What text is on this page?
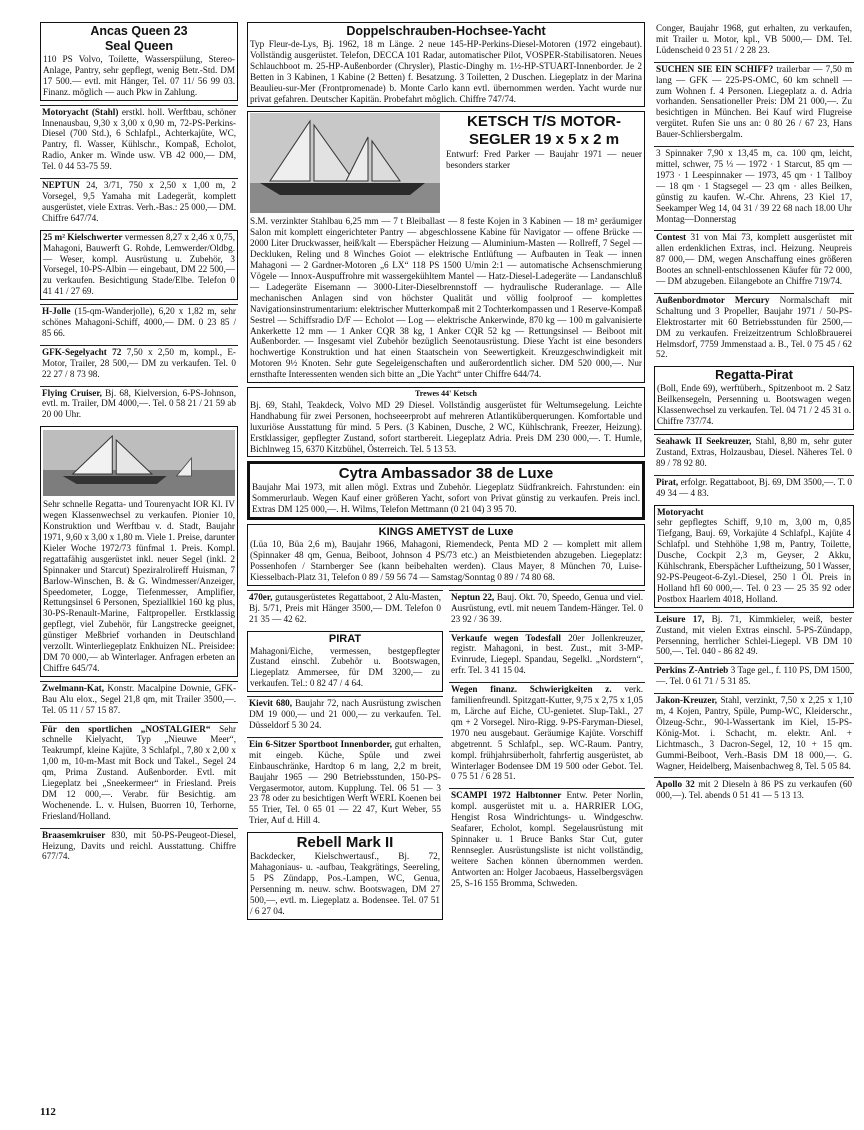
Ancas Queen 23
Seal Queen

110 PS Volvo, Toilette, Wasserspülung, Stereo-Anlage, Pantry, sehr gepflegt, wenig Betr.-Std. DM 17 500.— evtl. mit Hänger, Tel. 07 11/ 56 99 03. Finanz. möglich — auch Pkw in Zahlung.

Motoryacht (Stahl) erstkl. holl. Werftbau, schöner Innenausbau, 9,30 x 3,00 x 0,90 m, 72-PS-Perkins-Diesel (700 Std.), 6 Schlafpl., Achterkajüte, WC, Pantry, fl. Wasser, Kühlschr., Kompaß, Echolot, Radio, Anker m. Winde usw. VB 42 000,— DM, Tel. 0 44 53-75 59.

NEPTUN 24, 3/71, 750 x 2,50 x 1,00 m, 2 Vorsegel, 9,5 Yamaha mit Ladegerät, komplett ausgerüstet, viele Extras. Verh.-Bas.: 25 000,— DM. Chiffre 647/74.

25 m² Kielschwerter vermessen 8,27 x 2,46 x 0,75, Mahagoni, Bauwerft G. Rohde, Lemwerder/Oldbg. — Weser, kompl. Ausrüstung u. Zubehör, 3 Vorsegel, 10-PS-Albin — eingebaut, DM 22 500,— zu verkaufen. Besichtigung Stade/Elbe. Telefon 0 41 41 / 27 69.

H-Jolle (15-qm-Wanderjolle), 6,20 x 1,82 m, sehr schönes Mahagoni-Schiff, 4000,— DM. 0 23 85 / 85 66.

GFK-Segelyacht 72 7,50 x 2,50 m, kompl., E-Motor, Trailer, 28 500,— DM zu verkaufen. Tel. 0 22 27 / 8 73 98.

Flying Cruiser, Bj. 68, Kielversion, 6-PS-Johnson, evtl. m. Trailer, DM 4000,—. Tel. 0 58 21 / 21 59 ab 20 00 Uhr.

Sehr schnelle Regatta- und Tourenyacht IOR Kl. IV wegen Klassenwechsel zu verkaufen. Pionier 10, Konstruktion und Werftbau v. d. Stadt, Baujahr 1971, 9,60 x 3,00 x 1,80 m. Viele 1. Preise, darunter Kieler Woche 1972/73 fünfmal 1. Preis. Kompl. regattafähig ausgerüstet inkl. neuer Segel (inkl. 2 Spinnaker und Starcut) Speziralrolireff Huisman, 7 Barlow-Winschen, B. & G. Windmesser/Anzeiger, Speedometer, Logge, Tiefenmesser, Amplifier, Rettungsinsel 6 Personen, Speziallkiel 160 kg plus, 30-PS-Renault-Marine, Faltpropeller. Erstklassig gepflegt, viel Zubehör, für Langstrecke geeignet, günstiger Meßbrief vorhanden in Deutschland verzollt. Winterliegeplatz Enkhuizen NL. Preisidee: DM 70 000,— ab Winterlager. Anfragen erbeten an Chiffre 645/74.

Zwelmann-Kat, Konstr. Macalpine Downie, GFK-Bau Alu elox., Segel 21,8 qm, mit Trailer 3500,—. Tel. 05 11 / 57 15 87.

Für den sportlichen „NOSTALGIER“ Sehr schnelle Kielyacht, Typ „Nieuwe Meer“, Teakrumpf, kleine Kajüte, 3 Schlafpl., 7,80 x 2,00 x 1,00 m, 10-m-Mast mit Bock und Takel., Segel 24 qm, Prima Zustand. Außenborder. Evtl. mit Liegeplatz bei „Sneekermeer“ in Friesland. Preis DM 12 000,—. Verabr. für Besichtig. am Wochenende. L. v. Hulsen, Buorren 10, Terhorne, Friesland/Holland.

Braasemkruiser 830, mit 50-PS-Peugeot-Diesel, Heizung, Davits und reichl. Ausstattung. Chiffre 677/74.

Doppelschrauben-Hochsee-Yacht

Typ Fleur-de-Lys, Bj. 1962, 18 m Länge. 2 neue 145-HP-Perkins-Diesel-Motoren (1972 eingebaut). Vollständig ausgerüstet. Telefon, DECCA 101 Radar, automatischer Pilot, VOSPER-Stabilisatoren. Neues Schlauchboot m. 25-HP-Außenborder (Chrysler), Plastic-Dinghy m. 1½-HP-STUART-Innenborder. Je 2 Betten in 3 Kabinen, 1 Kabine (2 Betten) f. Besatzung. 3 Toiletten, 2 Duschen. Liegeplatz in der Marina Beaulieu-sur-Mer (Frontpromenade) b. Monte Carlo kann evtl. übernommen werden. Yacht wurde nur privat gefahren. Deutscher Kapitän. Probefahrt möglich. Chiffre 747/74.

KETSCH T/S MOTOR-SEGLER 19 x 5 x 2 m

Entwurf: Fred Parker — Baujahr 1971 — neuer besonders starker

S.M. verzinkter Stahlbau 6,25 mm — 7 t Bleiballast — 8 feste Kojen in 3 Kabinen — 18 m² geräumiger Salon mit komplett eingerichteter Pantry — abgeschlossene Kabine für Navigator — offene Brücke — 2000 Liter Druckwasser, heiß/kalt — Eberspächer Heizung — Aluminium-Masten — Rollreff, 7 Segel — Deckluken, Reling und 8 Winches Goiot — elektrische Entlüftung — Aufbauten in Teak — innen Mahagoni — 2 Gardner-Motoren „6 LX“ 118 PS 1500 U/min 2:1 — automatische Achsenschmierung Vögele — Innox-Auspuffrohre mit wassergekühltem Mantel — Hatz-Diesel-Ladegeräte — Landanschluß — Ladegeräte Eisemann — 3000-Liter-Dieselbrennstoff — hydraulische Ruderanlage. — Alle mechanischen Anlagen sind von höchster Qualität und völlig foolproof — komplettes Navigationsinstrumentarium: elektrischer Mutterkompaß mit 2 Tochterkompassen und 1 Reserve-Kompaß Sestrel — Schiffsradio D/F — Echolot — Log — elektrische Ankerwinde, 870 kg — 100 m galvanisierte Ankerkette 12 mm — 1 Anker CQR 38 kg, 1 Anker CQR 52 kg — Rettungsinsel — Beiboot mit Außenborder. — Insgesamt viel Zubehör bezüglich Seenotausrüstung. Diese Yacht ist eine besonders hochwertige Konstruktion und hat einen Staatschein von Seewertigkeit. Kreuzgeschwindigkeit mit Motoren 9½ Knoten. Sehr gute Segeleigenschaften und außerordentlich sicher. DM 520 000,—. Nur ernsthafte Interessenten wenden sich bitte an „Die Yacht“ unter Chiffre 644/74.

Trewes 44' Ketsch

Bj. 69, Stahl, Teakdeck, Volvo MD 29 Diesel. Vollständig ausgerüstet für Weltumsegelung. Leichte Handhabung für zwei Personen, hochseeerprobt auf mehreren Atlantiküberquerungen. Komfortable und luxuriöse Ausstattung für mind. 5 Pers. (3 Kabinen, Dusche, 2 WC, Kühlschrank, Freezer, Heizung). Erstklassiger, gepflegter Zustand, sofort startbereit. Liegeplatz Adria. Preis DM 230 000,—. T. Humle, Bichlnweg 15, 6370 Kitzbühel, Österreich. Tel. 5 13 53.

Cytra Ambassador 38 de Luxe

Baujahr Mai 1973, mit allen mögl. Extras und Zubehör. Liegeplatz Südfrankreich. Fahrstunden: ein Sommerurlaub. Wegen Kauf einer größeren Yacht, sofort von Privat günstig zu verkaufen. Preis incl. Extras DM 125 000,—. H. Wilms, Telefon Mettmann (0 21 04) 3 95 70.

KINGS AMETYST de Luxe

(Lüa 10, Büa 2,6 m), Baujahr 1966, Mahagoni, Riemendeck, Penta MD 2 — komplett mit allem (Spinnaker 48 qm, Genua, Beiboot, Johnson 4 PS/73 etc.) an Meistbietenden abzugeben. Liegeplatz: Possenhofen / Starnberger See (kann beibehalten werden). Claus Mayer, 8 München 70, Luise-Kiesselbach-Platz 31, Telefon 0 89 / 59 56 74 — Samstag/Sonntag 0 89 / 74 80 68.

470er, gutausgerüstetes Regattaboot, 2 Alu-Masten, Bj. 5/71, Preis mit Hänger 3500,— DM. Telefon 0 21 35 — 42 62.

PIRAT

Mahagoni/Eiche, vermessen, bestgepflegter Zustand einschl. Zubehör u. Bootswagen, Liegeplatz Ammersee, für DM 3200,— zu verkaufen. Tel.: 0 82 47 / 4 64.

Kievit 680, Baujahr 72, nach Ausrüstung zwischen DM 19 000,— und 21 000,— zu verkaufen. Tel. Düsseldorf 5 30 24.

Ein 6-Sitzer Sportboot Innenborder, gut erhalten, mit eingeb. Küche, Spüle und zwei Einbauschränke, Hardtop 6 m lang, 2,2 m breit, Baujahr 1965 — 290 Betriebsstunden, 150-PS-Vergasermotor, autom. Kupplung. Tel. 06 51 — 3 23 78 oder zu besichtigen Werft WERL Koenen bei 55 Trier, Tel. 0 65 01 — 22 47, Kurt Weber, 55 Trier, Auf d. Hill 4.

Rebell Mark II

Backdecker, Kielschwertausf., Bj. 72, Mahagoniaus- u. -aufbau, Teakgrätings, Seereling, 5 PS Zündapp, Pos.-Lampen, WC, Genua, Persenning m. neuw. schw. Bootswagen, DM 27 500,—, evtl. m. Liegeplatz a. Bodensee. Tel. 07 51 / 6 27 04.

Neptun 22, Bauj. Okt. 70, Speedo, Genua und viel. Ausrüstung, evtl. mit neuem Tandem-Hänger. Tel. 0 23 92 / 36 39.

Verkaufe wegen Todesfall 20er Jollenkreuzer, registr. Mahagoni, in best. Zust., mit 3-MP-Evinrude, Liegepl. Spandau, Segelkl. „Nordstern“, erfr. Tel. 3 41 15 04.

Wegen finanz. Schwierigkeiten z. verk. familienfreundl. Spitzgatt-Kutter, 9,75 x 2,75 x 1,05 m, Lärche auf Eiche, CU-genietet. Slup-Takl., 27 qm + 2 Vorsegel. Niro-Rigg. 9-PS-Faryman-Diesel, 1970 neu ausgebaut. Geräumige Kajüte. Vorschiff abgetrennt. 5 Schlafpl., sep. WC-Raum. Pantry, kompl. frühjahrsüberholt, fahrfertig ausgerüstet, ab Winterlager Bodensee DM 19 500 oder Gebot. Tel. 0 75 51 / 6 28 51.

SCAMPI 1972 Halbtonner Entw. Peter Norlin, kompl. ausgerüstet mit u. a. HARRIER LOG, Hengist Rosa Windrichtungs- u. Windgeschw. Seafarer, Echolot, kompl. Segelausrüstung mit Spinnaker u. 1 Bruce Banks Star Cut, guter Rennsegler. Ausrüstungsliste ist nicht vollständig, weitere Sachen können übernommen werden. Antworten an: Holger Jacobaeus, Hasselbergsvägen 25, S-16 155 Bromma, Schweden.

Conger, Baujahr 1968, gut erhalten, zu verkaufen, mit Trailer u. Motor, kpl., VB 5000,— DM. Tel. Lüdenscheid 0 23 51 / 2 28 23.

SUCHEN SIE EIN SCHIFF? trailerbar — 7,50 m lang — GFK — 225-PS-OMC, 60 km schnell — zum Wohnen f. 4 Personen. Liegeplatz a. d. Adria vorhanden. Sensationeller Preis: DM 21 000,—. Zu besichtigen in München. Bei Kauf wird Flugreise vergütet. Rufen Sie uns an: 0 80 26 / 67 23, Hans Bauer-Schliersbergalm.

3 Spinnaker 7,90 x 13,45 m, ca. 100 qm, leicht, mittel, schwer, 75 ⅓ — 1972 · 1 Starcut, 85 qm — 1973 · 1 Leespinnaker — 1973, 45 qm · 1 Tallboy — 18 qm · 1 Stagsegel — 23 qm · alles Beilken, günstig zu kaufen. W.-Chr. Ahrens, 23 Kiel 17, Seekamper Weg 14, 04 31 / 39 22 68 nach 18.00 Uhr Montag—Donnerstag

Contest 31 von Mai 73, komplett ausgerüstet mit allen erdenklichen Extras, incl. Heizung. Neupreis 87 000,— DM, wegen Anschaffung eines größeren Bootes an schnell-entschlossenen Käufer für 72 000,— DM abzugeben. Eilangebote an Chiffre 719/74.

Außenbordmotor Mercury Normalschaft mit Schaltung und 3 Propeller, Baujahr 1971 / 50-PS-Elektrostarter mit 60 Betriebsstunden für 2500,— DM zu verkaufen. Freizeitzentrum Schloßbrauerei Helmsdorf, 7759 Jmmenstaad a. B., Tel. 0 75 45 / 62 52.

Regatta-Pirat

(Boll, Ende 69), werftüberh., Spitzenboot m. 2 Satz Beilkensegeln, Persenning u. Bootswagen wegen Klassenwechsel zu verkaufen. Tel. 04 71 / 2 45 31 o. Chiffre 737/74.

Seahawk II Seekreuzer, Stahl, 8,80 m, sehr guter Zustand, Extras, Holzausbau, Diesel. Näheres Tel. 0 89 / 78 92 80.

Pirat, erfolgr. Regattaboot, Bj. 69, DM 3500,—. T. 0 49 34 — 4 83.

Motoryacht

sehr gepflegtes Schiff, 9,10 m, 3,00 m, 0,85 Tiefgang, Bauj. 69, Vorkajüte 4 Schlafpl., Kajüte 4 Schlafpl. und Stehhöhe 1,98 m, Pantry, Toilette, Dusche, Cockpit 2,3 m, Geyser, 2 Akku, Kühlschrank, Eberspächer Luftheizung, 50 l Wasser, 92-PS-Peugeot-6-Zyl.-Diesel, 250 l Öl. Preis in Holland hfl 60 000,—. Tel. 0 23 — 25 35 92 oder Postbox Haarlem 4018, Holland.

Leisure 17, Bj. 71, Kimmkieler, weiß, bester Zustand, mit vielen Extras einschl. 5-PS-Zündapp, Persenning, herrlicher Schlei-Liegepl. VB DM 10 500,—. Tel. 040 - 86 82 49.

Perkins Z-Antrieb 3 Tage gel., f. 110 PS, DM 1500,—. Tel. 0 61 71 / 5 31 85.

Jakon-Kreuzer, Stahl, verzinkt, 7,50 x 2,25 x 1,10 m, 4 Kojen, Pantry, Spüle, Pump-WC, Kleiderschr., Ölzeug-Schr., 90-l-Wassertank im Kiel, 15-PS-König-Mot. i. Schacht, m. elektr. Anl. + Lichtmasch., 3 Dacron-Segel, 12, 10 + 15 qm. Gummi-Beiboot, Verh.-Basis DM 18 000,—. G. Wagner, Heidelberg, Maisenbachweg 8, Tel. 5 05 84.

Apollo 32 mit 2 Dieseln à 86 PS zu verkaufen (60 000,—). Tel. abends 0 51 41 — 5 13 13.

112
